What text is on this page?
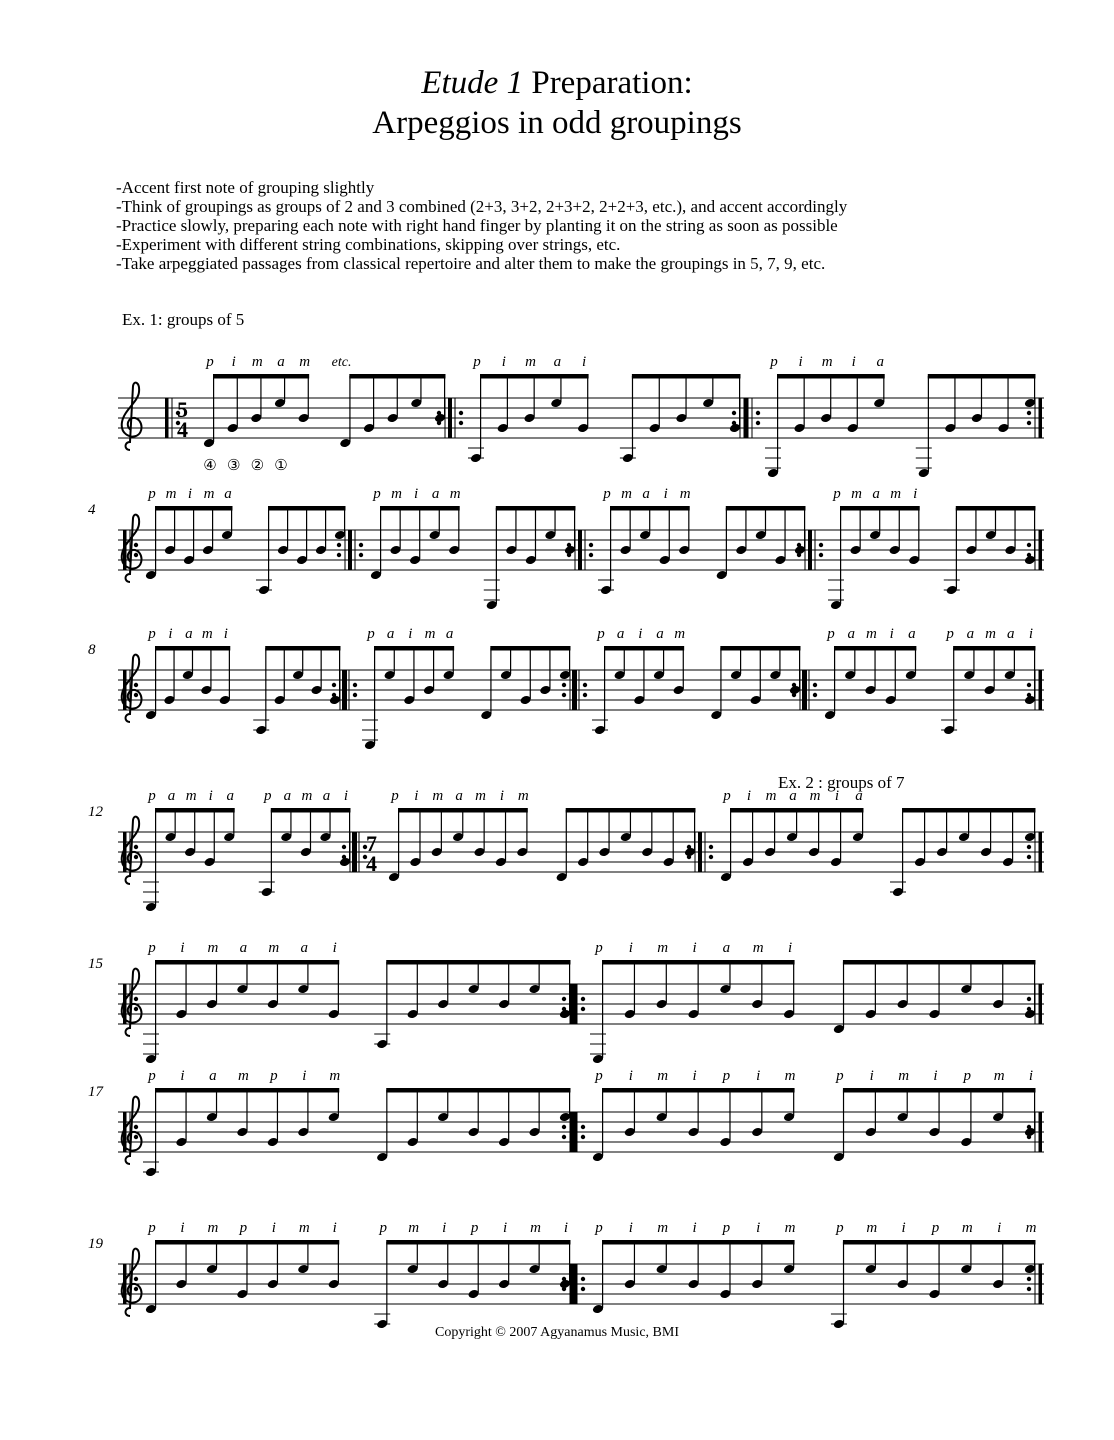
Etude 1 Preparation:
Arpeggios in odd groupings
-Accent first note of grouping slightly
-Think of groupings as groups of 2 and 3 combined (2+3, 3+2, 2+3+2, 2+2+3, etc.), and accent accordingly
-Practice slowly, preparing each note with right hand finger by planting it on the string as soon as possible
-Experiment with different string combinations, skipping over strings, etc.
-Take arpeggiated passages from classical repertoire and alter them to make the groupings in 5, 7, 9, etc.
5
4
p i m a m etc.
④ ③ ② ①
p i m a i	p i m i a
4
p m i m a	p m i a m	p m a i m	p m a m i
8
p i a m i	p a i m a	p a i a m	p a m i a p a m a i
12
p a m i a p a m a i
7
4
p i m a m i m	p i m a m i a
15
p i m a m a i	p i m i a m i
17
p i a m p i m	p i m i p i m	p i m i p m i
19
p i m p i m i	p m i p i m i p i m i p i m	p m i p m i m
Ex. 1: groups of 5
Ex. 2 : groups of 7
Copyright © 2007 Agyanamus Music, BMI
